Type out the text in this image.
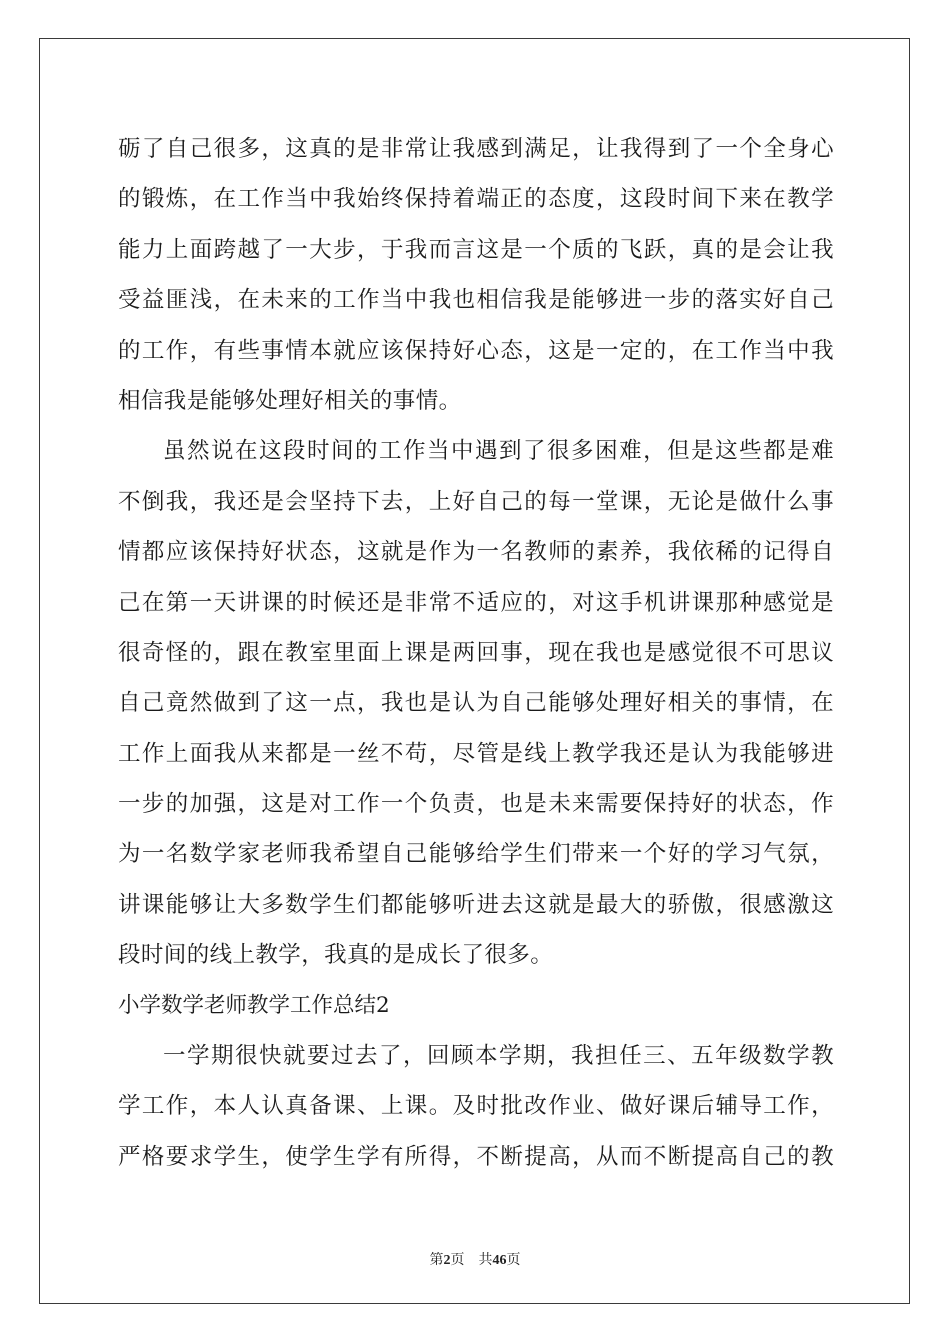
砺了自己很多，这真的是非常让我感到满足，让我得到了一个全身心
的锻炼，在工作当中我始终保持着端正的态度，这段时间下来在教学
能力上面跨越了一大步，于我而言这是一个质的飞跃，真的是会让我
受益匪浅，在未来的工作当中我也相信我是能够进一步的落实好自己
的工作，有些事情本就应该保持好心态，这是一定的，在工作当中我
相信我是能够处理好相关的事情。
虽然说在这段时间的工作当中遇到了很多困难，但是这些都是难
不倒我，我还是会坚持下去，上好自己的每一堂课，无论是做什么事
情都应该保持好状态，这就是作为一名教师的素养，我依稀的记得自
己在第一天讲课的时候还是非常不适应的，对这手机讲课那种感觉是
很奇怪的，跟在教室里面上课是两回事，现在我也是感觉很不可思议
自己竟然做到了这一点，我也是认为自己能够处理好相关的事情，在
工作上面我从来都是一丝不苟，尽管是线上教学我还是认为我能够进
一步的加强，这是对工作一个负责，也是未来需要保持好的状态，作
为一名数学家老师我希望自己能够给学生们带来一个好的学习气氛，
讲课能够让大多数学生们都能够听进去这就是最大的骄傲，很感激这
段时间的线上教学，我真的是成长了很多。
小学数学老师教学工作总结2
一学期很快就要过去了，回顾本学期，我担任三、五年级数学教
学工作，本人认真备课、上课。及时批改作业、做好课后辅导工作，
严格要求学生，使学生学有所得，不断提高，从而不断提高自己的教
第2页　共46页
